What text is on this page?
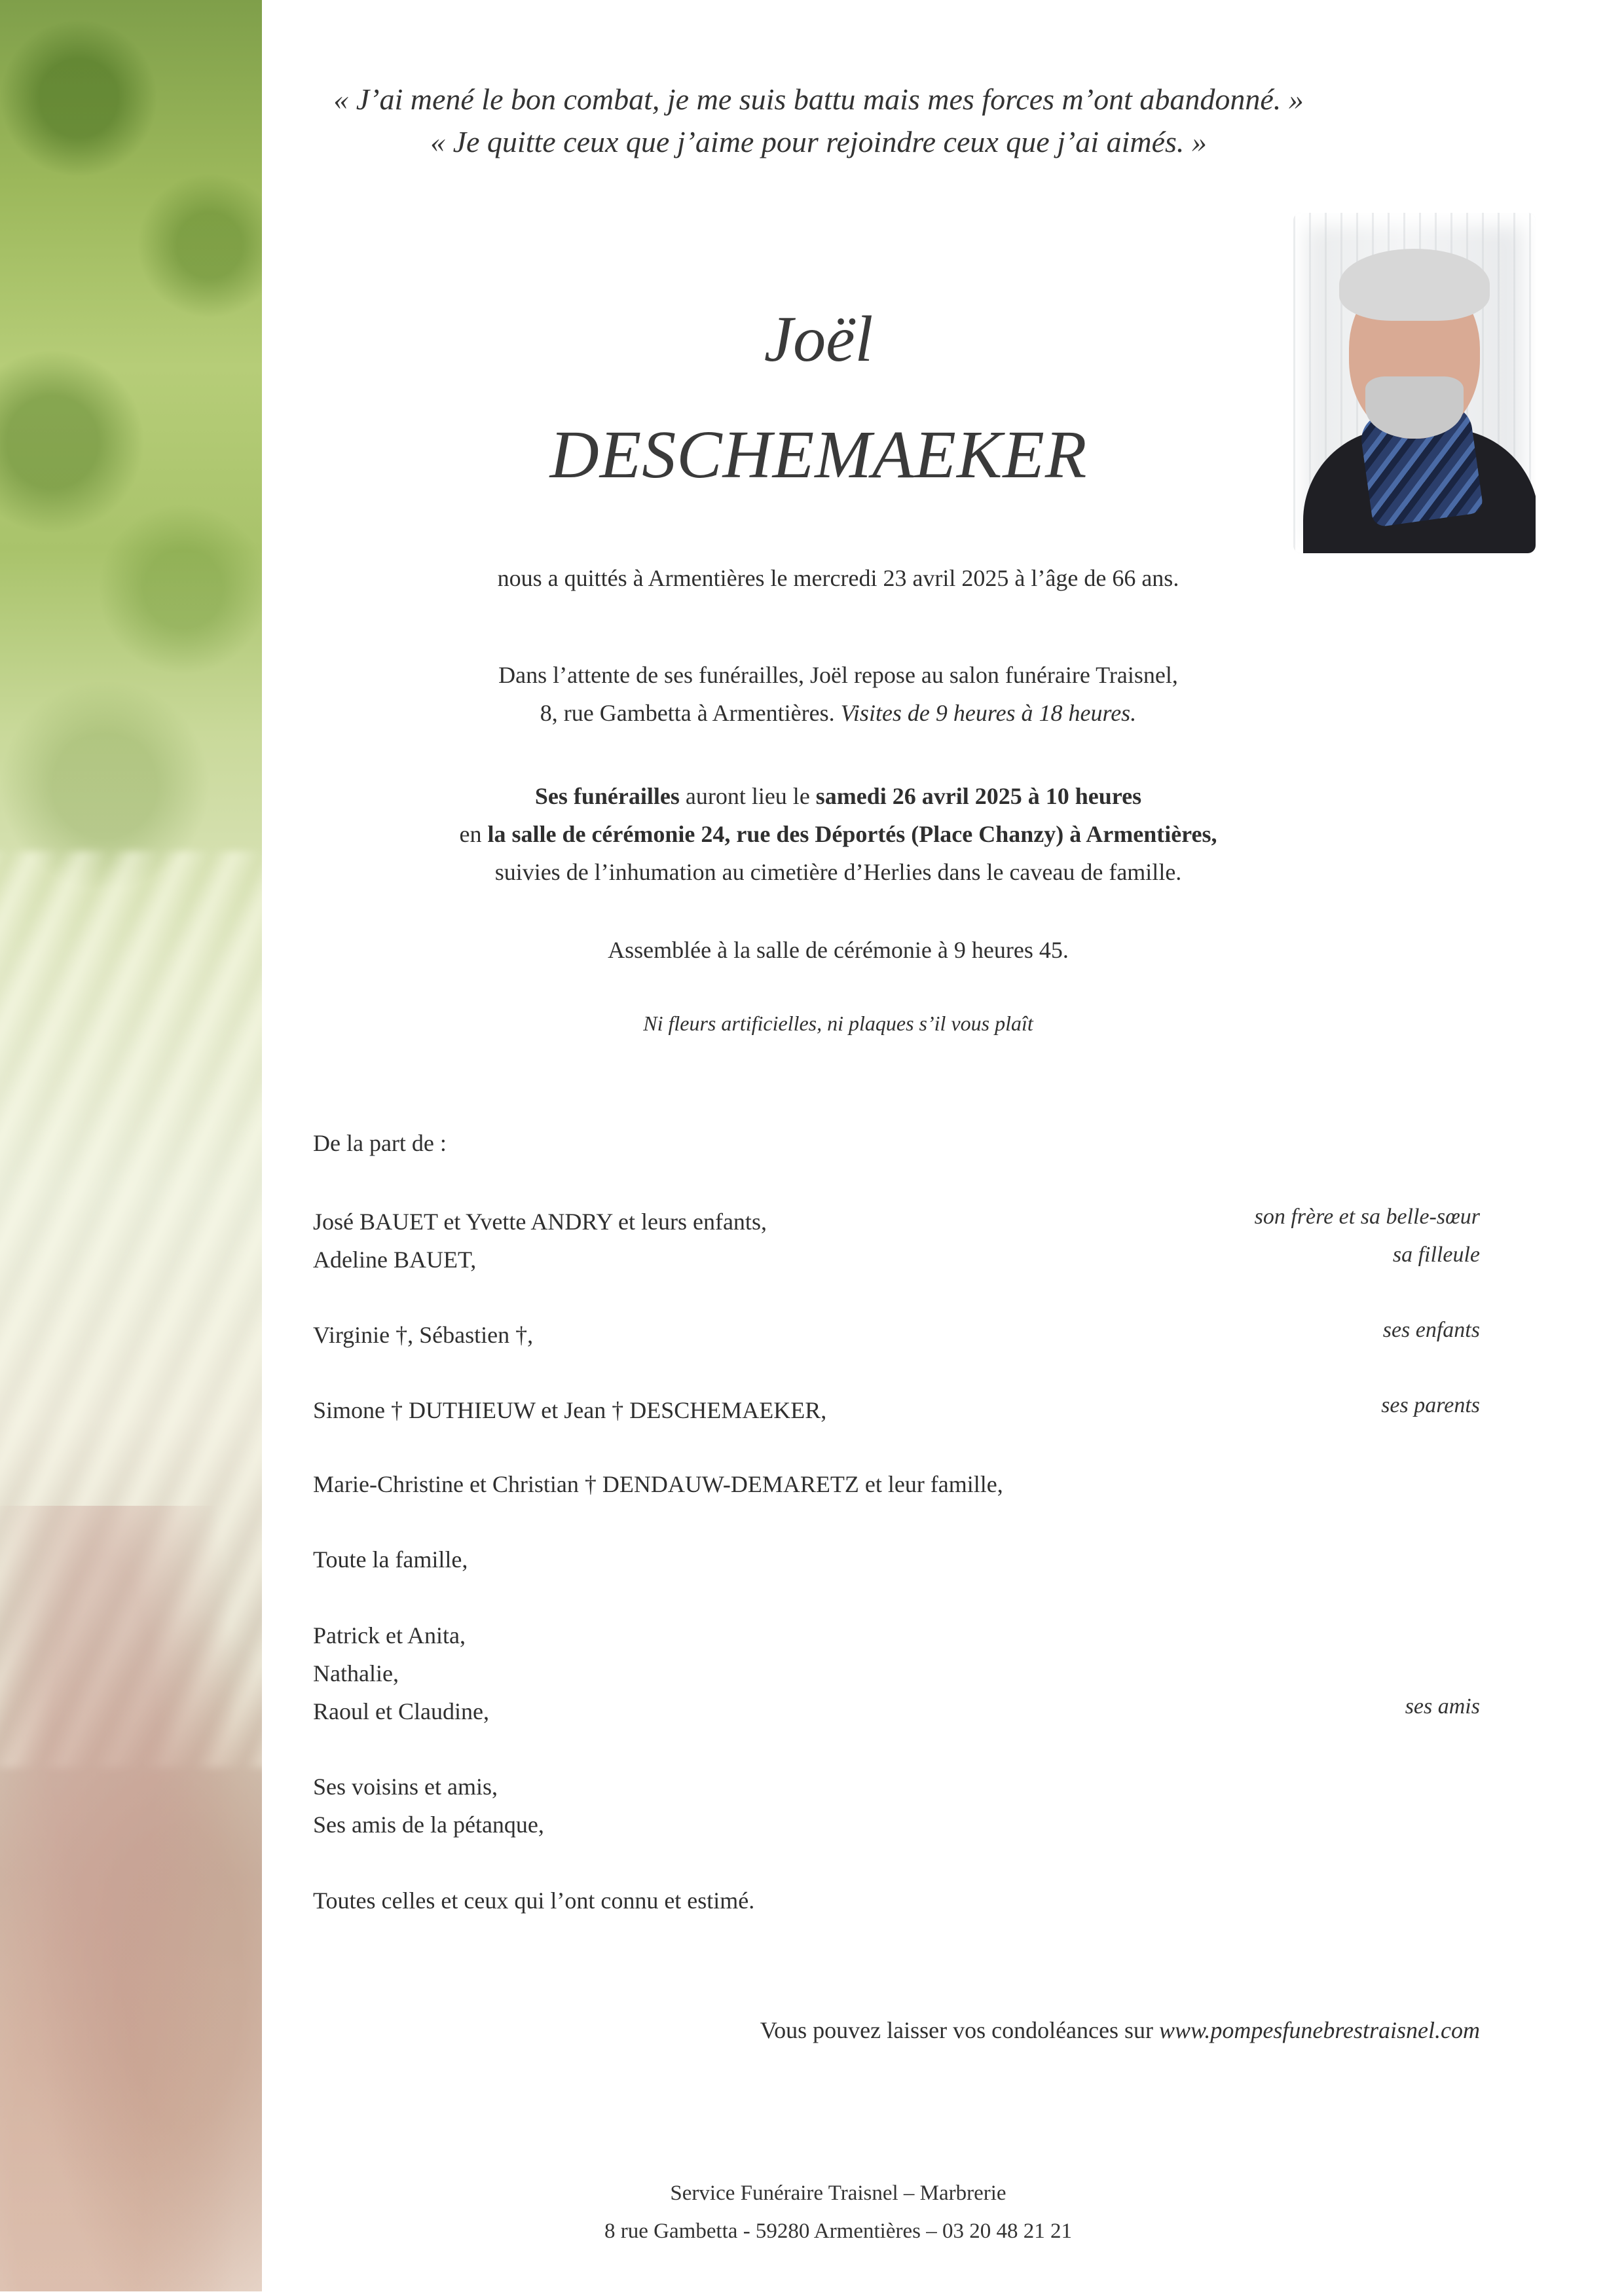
« J’ai mené le bon combat, je me suis battu mais mes forces m’ont abandonné. »
« Je quitte ceux que j’aime pour rejoindre ceux que j’ai aimés. »
Joël
DESCHEMAEKER
nous a quittés à Armentières le mercredi 23 avril 2025 à l’âge de 66 ans.
Dans l’attente de ses funérailles, Joël repose au salon funéraire Traisnel,
8, rue Gambetta à Armentières. Visites de 9 heures à 18 heures.
Ses funérailles auront lieu le samedi 26 avril 2025 à 10 heures
en la salle de cérémonie 24, rue des Déportés (Place Chanzy) à Armentières,
suivies de l’inhumation au cimetière d’Herlies dans le caveau de famille.
Assemblée à la salle de cérémonie à 9 heures 45.
Ni fleurs artificielles, ni plaques s’il vous plaît
De la part de :
José BAUET et Yvette ANDRY et leurs enfants,	son frère et sa belle-sœur
Adeline BAUET,	sa filleule
Virginie †, Sébastien †,	ses enfants
Simone † DUTHIEUW et Jean † DESCHEMAEKER,	ses parents
Marie-Christine et Christian † DENDAUW-DEMARETZ et leur famille,
Toute la famille,
Patrick et Anita,
Nathalie,
Raoul et Claudine,	ses amis
Ses voisins et amis,
Ses amis de la pétanque,
Toutes celles et ceux qui l’ont connu et estimé.
Vous pouvez laisser vos condoléances sur www.pompesfunebrestraisnel.com
Service Funéraire Traisnel – Marbrerie
8 rue Gambetta - 59280 Armentières – 03 20 48 21 21
